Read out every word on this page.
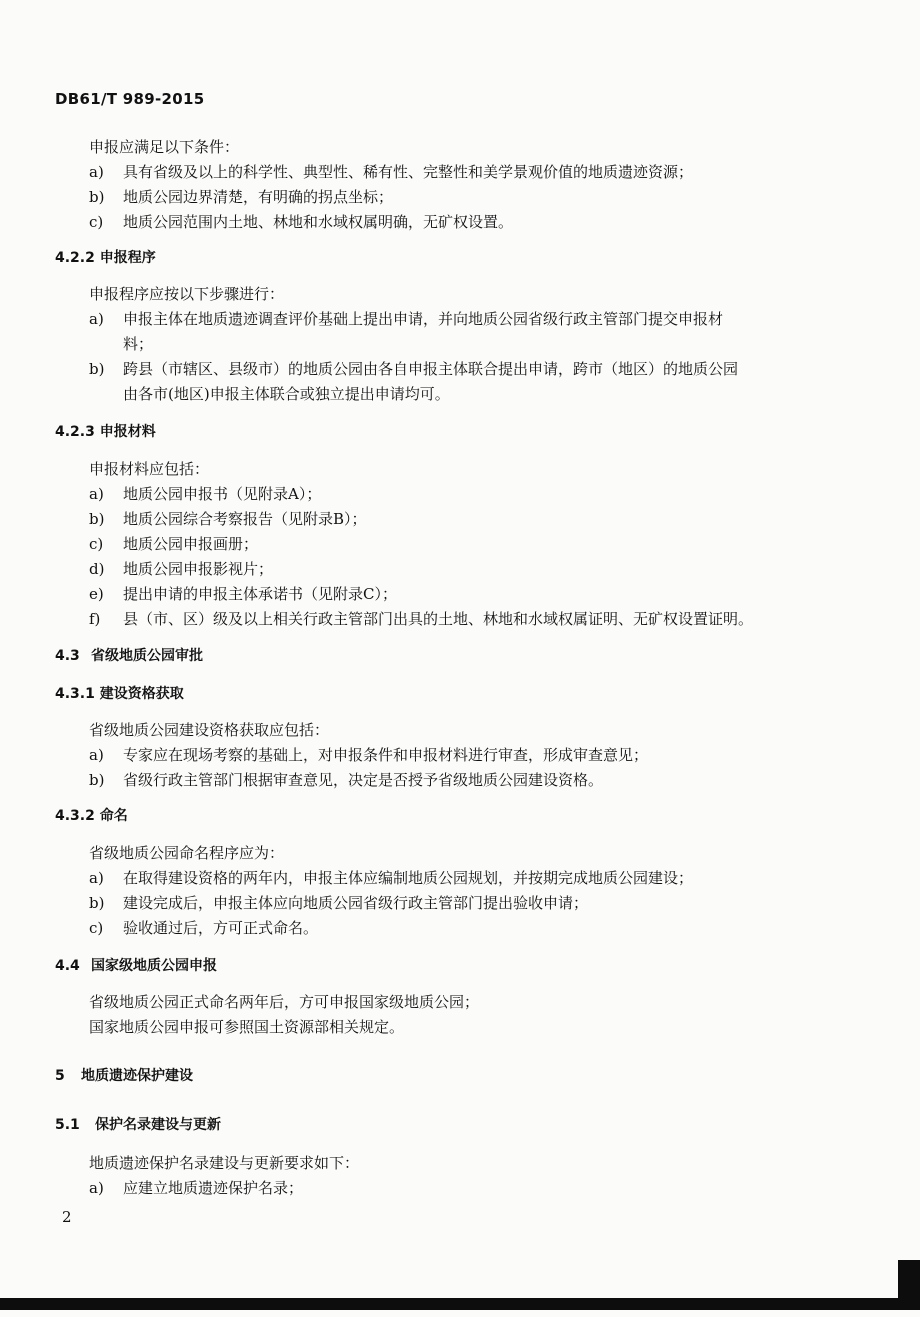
DB61/T 989-2015
申报应满足以下条件：
a) 具有省级及以上的科学性、典型性、稀有性、完整性和美学景观价值的地质遗迹资源；
b) 地质公园边界清楚，有明确的拐点坐标；
c) 地质公园范围内土地、林地和水域权属明确，无矿权设置。
4.2.2 申报程序
申报程序应按以下步骤进行：
a) 申报主体在地质遗迹调查评价基础上提出申请，并向地质公园省级行政主管部门提交申报材
料；
b) 跨县（市辖区、县级市）的地质公园由各自申报主体联合提出申请，跨市（地区）的地质公园
由各市(地区)申报主体联合或独立提出申请均可。
4.2.3 申报材料
申报材料应包括：
a) 地质公园申报书（见附录A）；
b) 地质公园综合考察报告（见附录B）；
c) 地质公园申报画册；
d) 地质公园申报影视片；
e) 提出申请的申报主体承诺书（见附录C）；
f) 县（市、区）级及以上相关行政主管部门出具的土地、林地和水域权属证明、无矿权设置证明。
4.3 省级地质公园审批
4.3.1 建设资格获取
省级地质公园建设资格获取应包括：
a) 专家应在现场考察的基础上，对申报条件和申报材料进行审查，形成审查意见；
b) 省级行政主管部门根据审查意见，决定是否授予省级地质公园建设资格。
4.3.2 命名
省级地质公园命名程序应为：
a) 在取得建设资格的两年内，申报主体应编制地质公园规划，并按期完成地质公园建设；
b) 建设完成后，申报主体应向地质公园省级行政主管部门提出验收申请；
c) 验收通过后，方可正式命名。
4.4 国家级地质公园申报
省级地质公园正式命名两年后，方可申报国家级地质公园；
国家地质公园申报可参照国土资源部相关规定。
5 地质遗迹保护建设
5.1 保护名录建设与更新
地质遗迹保护名录建设与更新要求如下：
a) 应建立地质遗迹保护名录；
2
